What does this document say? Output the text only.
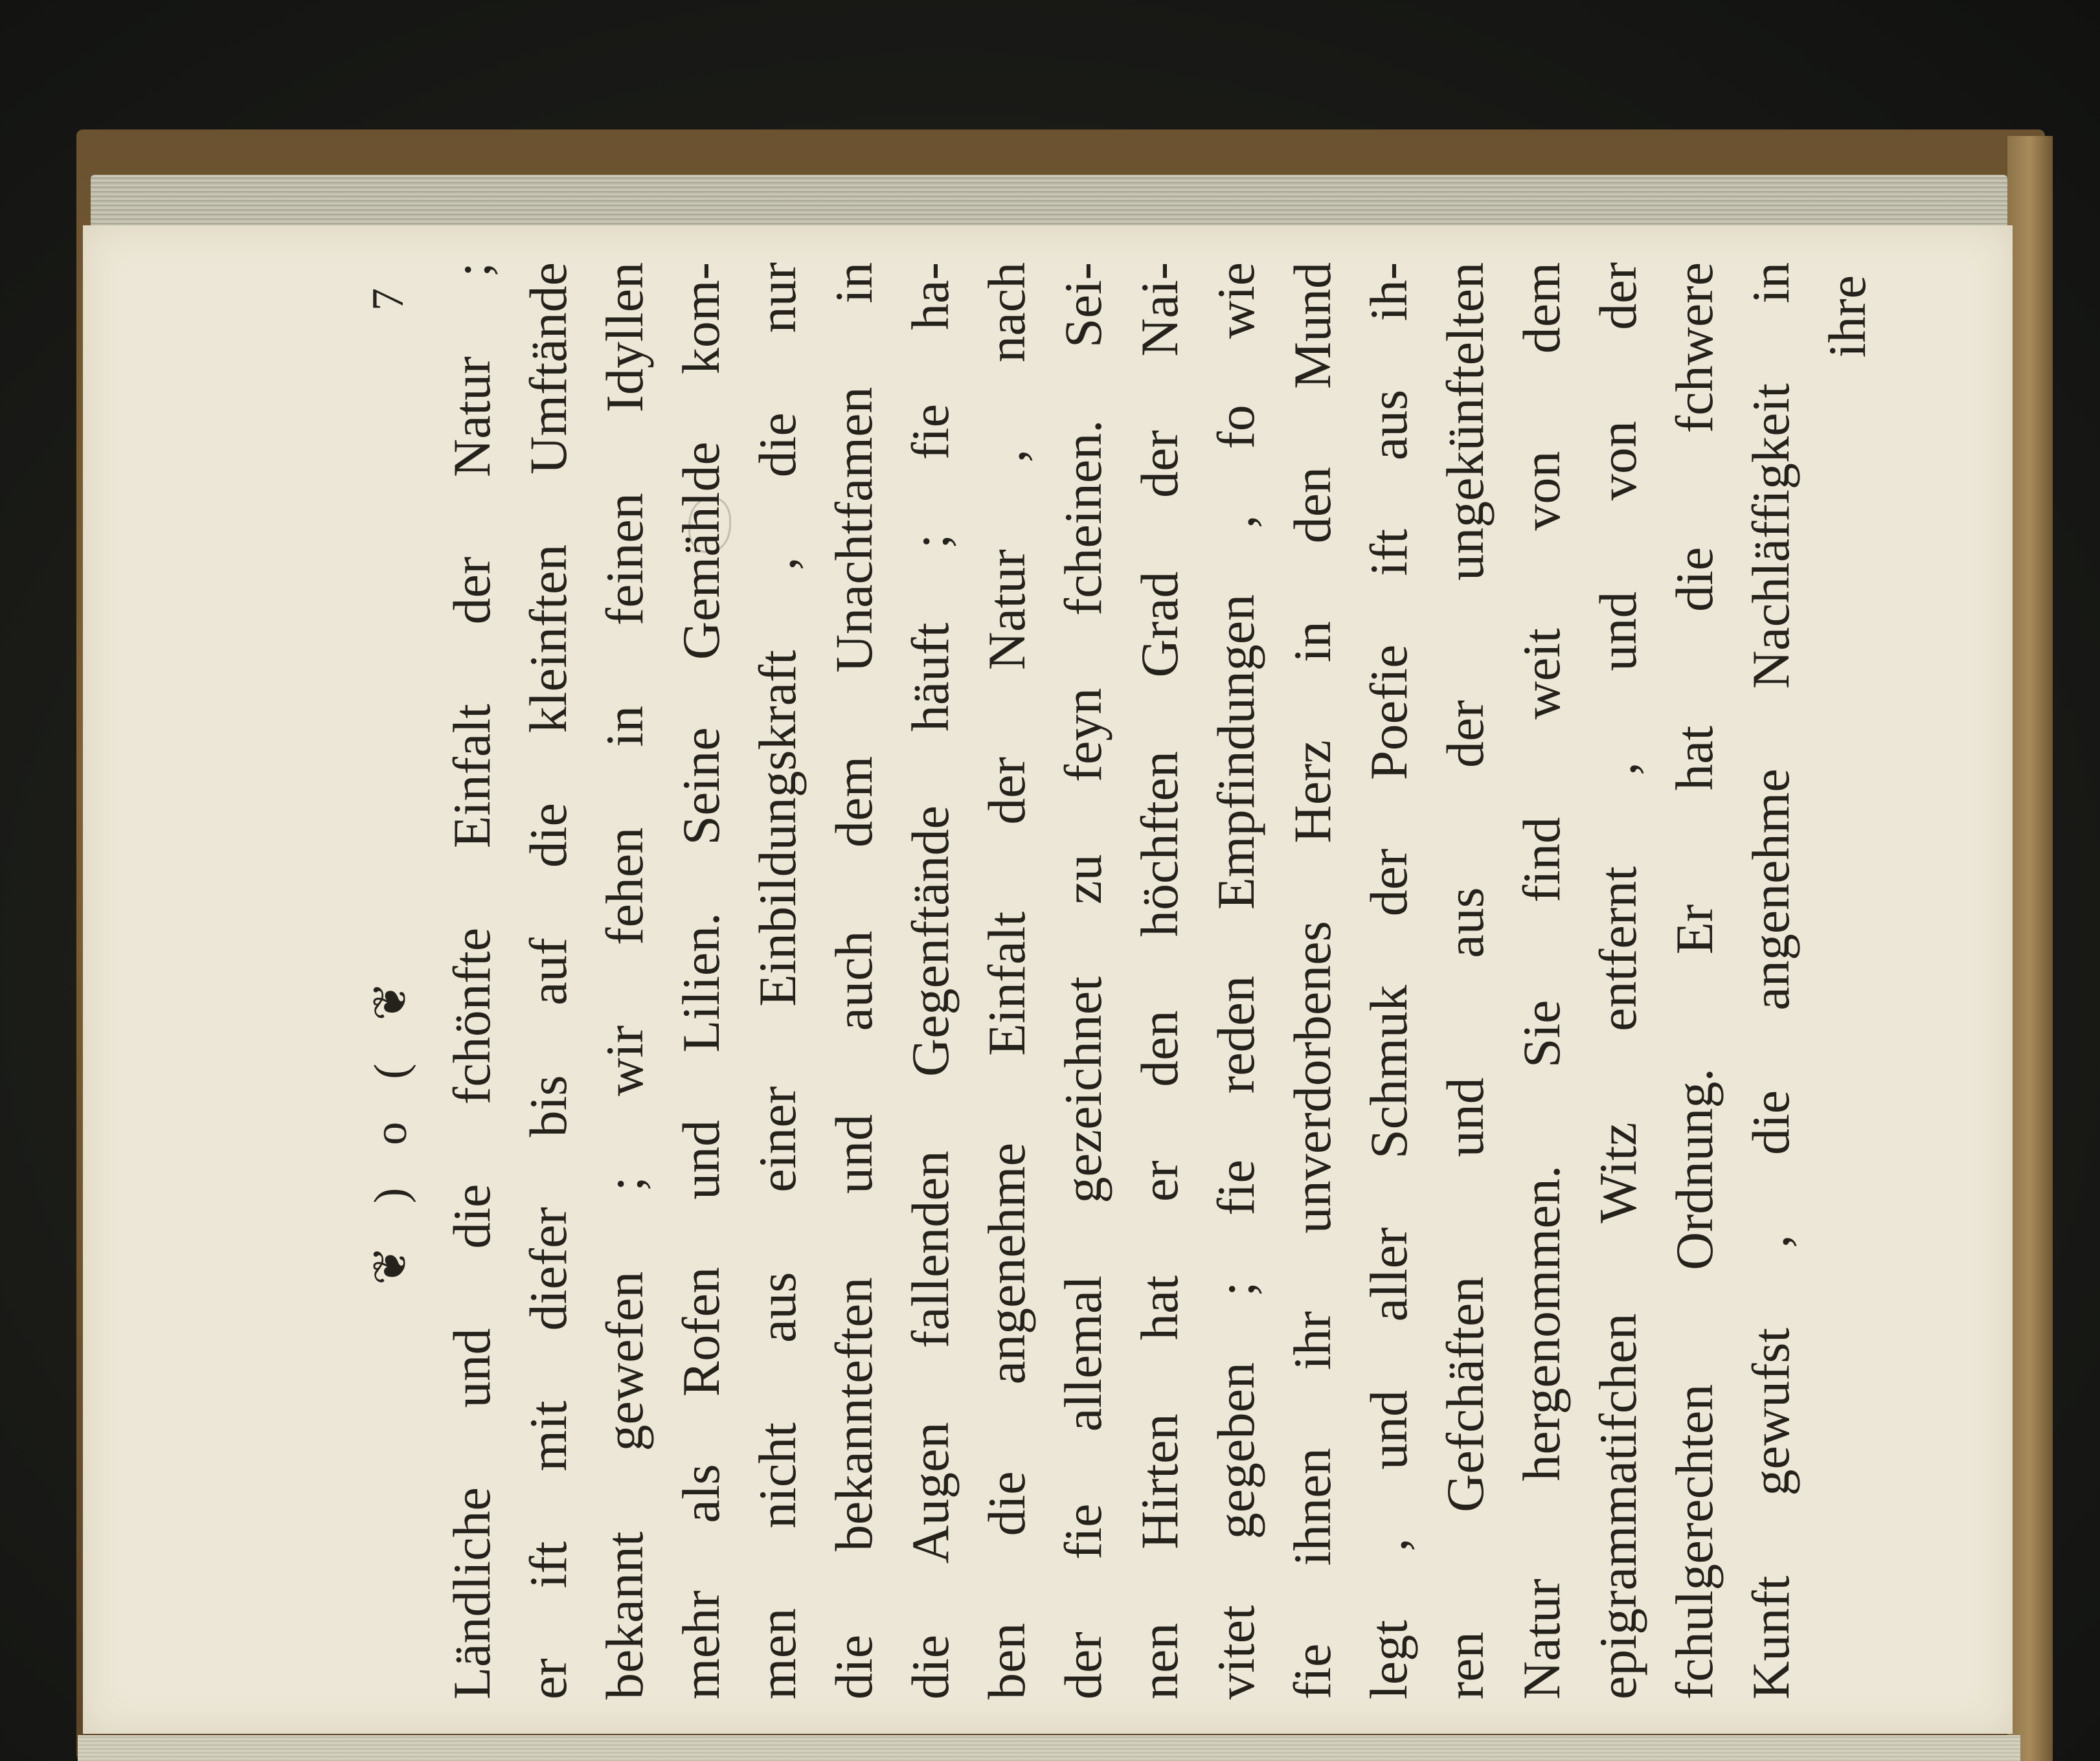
❦ ) o ( ❦
7 Ländliche und die fchönfte Einfalt der Natur ; er ift mit diefer bis auf die kleinften Umftände bekannt gewefen ; wir fehen in feinen Idyllen mehr als Rofen und Lilien. Seine Gemählde kom- men nicht aus einer Einbildungskraft , die nur die bekannteften und auch dem Unachtfamen in die Augen fallenden Gegenftände häuft ; fie ha- ben die angenehme Einfalt der Natur , nach der fie allemal gezeichnet zu feyn fcheinen. Sei- nen Hirten hat er den höchften Grad der Nai- vitet gegeben ; fie reden Empfindungen , fo wie fie ihnen ihr unverdorbenes Herz in den Mund legt , und aller Schmuk der Poefie ift aus ih- ren Gefchäften und aus der ungekünftelten Natur hergenommen. Sie find weit von dem epigrammatifchen Witz entfernt , und von der fchulgerechten Ordnung. Er hat die fchwere Kunft gewufst , die angenehme Nachläffigkeit in ihre
